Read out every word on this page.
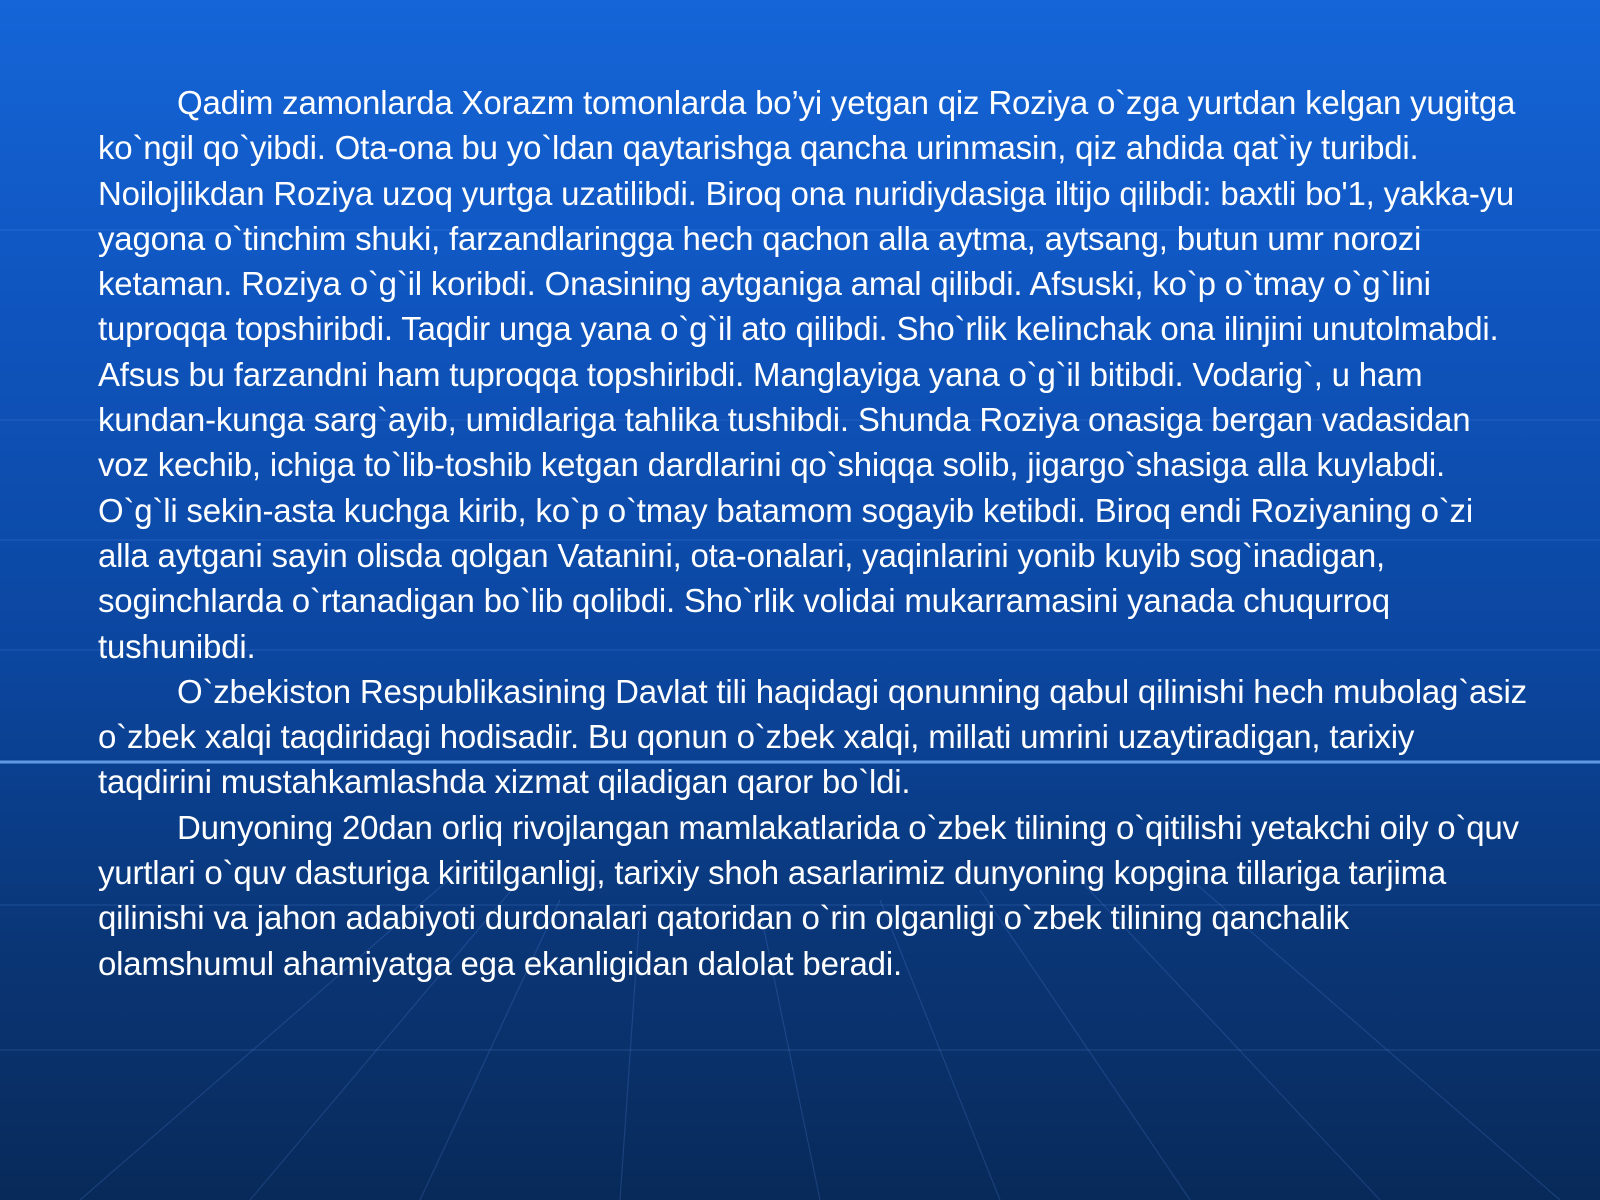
Qadim zamonlarda Xorazm tomonlarda bo’yi yetgan qiz Roziya o`zga yurtdan kelgan yugitga ko`ngil qo`yibdi. Ota-ona bu yo`ldan qaytarishga qancha urinmasin, qiz ahdida qat`iy turibdi. Noilojlikdan Roziya uzoq yurtga uzatilibdi. Biroq ona nuridiydasiga iltijo qilibdi: baxtli bo'1, yakka-yu yagona o`tinchim shuki, farzandlaringga hech qachon alla aytma, aytsang, butun umr norozi ketaman. Roziya o`g`il koribdi. Onasining aytganiga amal qilibdi. Afsuski, ko`p o`tmay o`g`lini tuproqqa topshiribdi. Taqdir unga yana o`g`il ato qilibdi. Sho`rlik kelinchak ona ilinjini unutolmabdi. Afsus bu farzandni ham tuproqqa topshiribdi. Manglayiga yana o`g`il bitibdi. Vodarig`, u ham kundan-kunga sarg`ayib, umidlariga tahlika tushibdi. Shunda Roziya onasiga bergan vadasidan voz kechib, ichiga to`lib-toshib ketgan dardlarini qo`shiqqa solib, jigargo`shasiga alla kuylabdi. O`g`li sekin-asta kuchga kirib, ko`p o`tmay batamom sogayib ketibdi. Biroq endi Roziyaning o`zi alla aytgani sayin olisda qolgan Vatanini, ota-onalari, yaqinlarini yonib kuyib sog`inadigan, soginchlarda o`rtanadigan bo`lib qolibdi. Sho`rlik volidai mukarramasini yanada chuqurroq tushunibdi.

O`zbekiston Respublikasining Davlat tili haqidagi qonunning qabul qilinishi hech mubolag`asiz o`zbek xalqi taqdiridagi hodisadir. Bu qonun o`zbek xalqi, millati umrini uzaytiradigan, tarixiy taqdirini mustahkamlashda xizmat qiladigan qaror bo`ldi.

Dunyoning 20dan orliq rivojlangan mamlakatlarida o`zbek tilining o`qitilishi yetakchi oily o`quv yurtlari o`quv dasturiga kiritilganligj, tarixiy shoh asarlarimiz dunyoning kopgina tillariga tarjima qilinishi va jahon adabiyoti durdonalari qatoridan o`rin olganligi o`zbek tilining qanchalik olamshumul ahamiyatga ega ekanligidan dalolat beradi.
